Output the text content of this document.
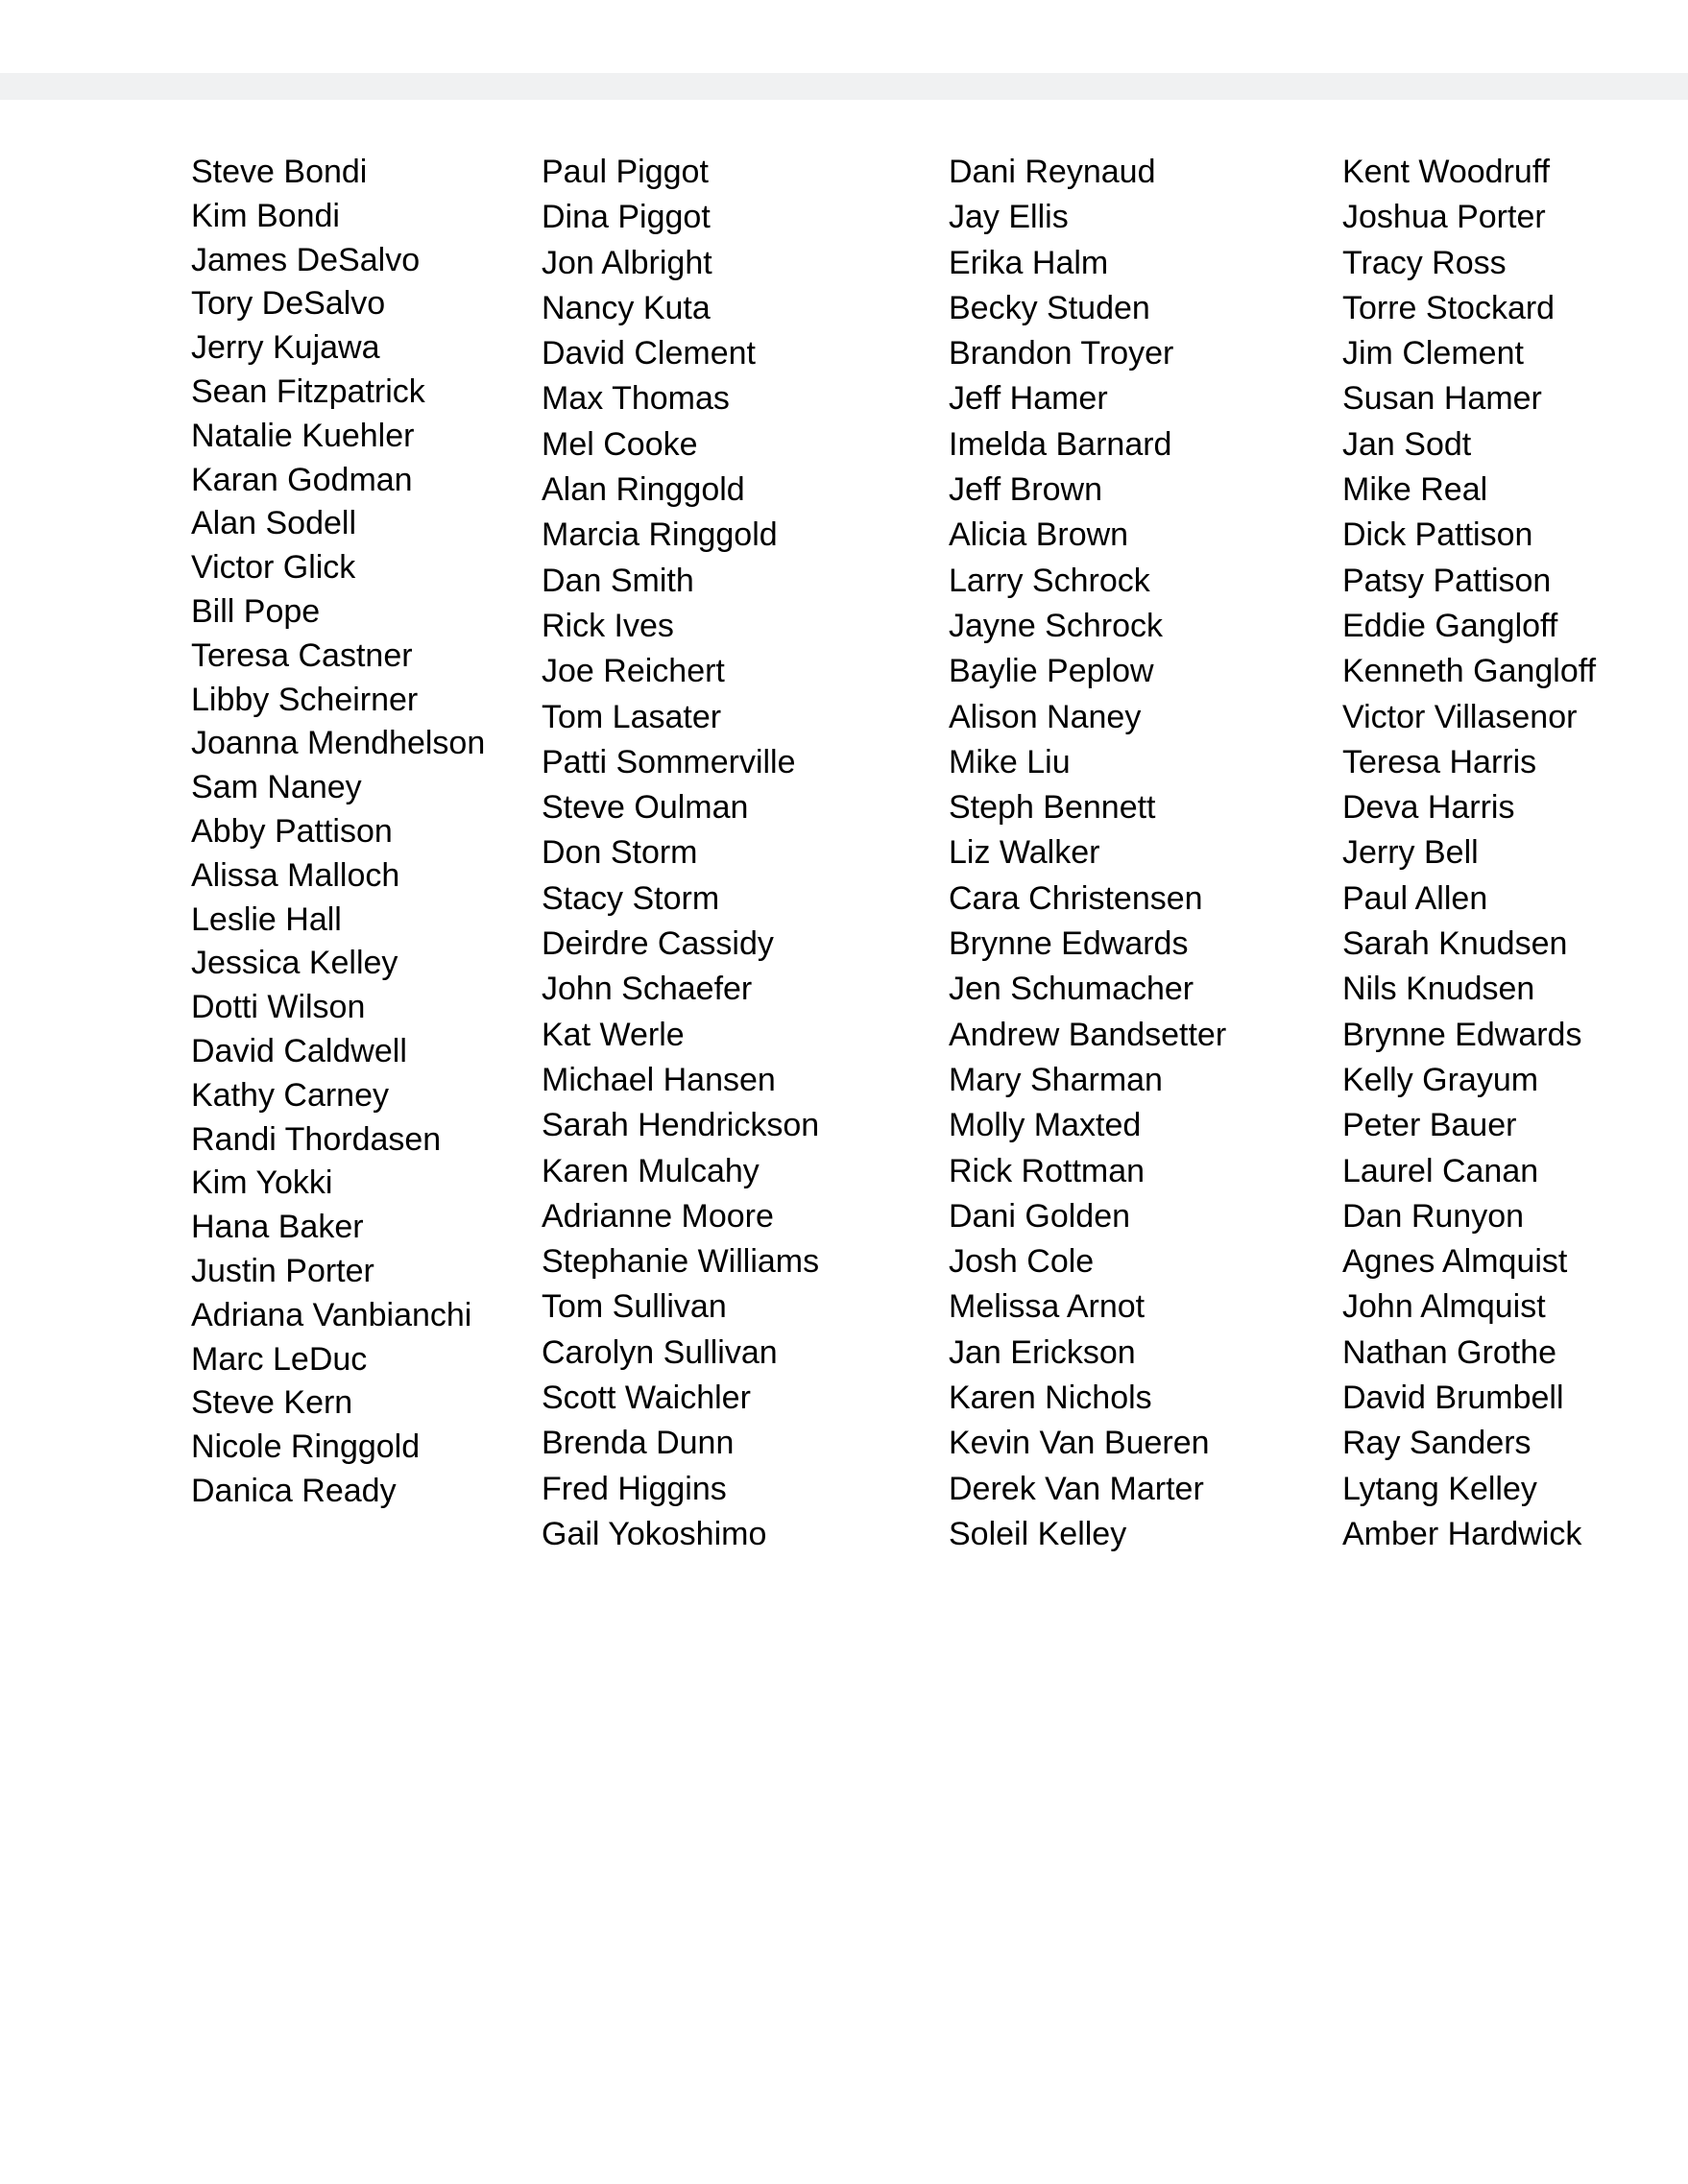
Steve Bondi
Kim Bondi
James DeSalvo
Tory DeSalvo
Jerry Kujawa
Sean Fitzpatrick
Natalie Kuehler
Karan Godman
Alan Sodell
Victor Glick
Bill Pope
Teresa Castner
Libby Scheirner
Joanna Mendhelson
Sam Naney
Abby Pattison
Alissa Malloch
Leslie Hall
Jessica Kelley
Dotti Wilson
David Caldwell
Kathy Carney
Randi Thordasen
Kim Yokki
Hana Baker
Justin Porter
Adriana Vanbianchi
Marc LeDuc
Steve Kern
Nicole Ringgold
Danica Ready
Paul Piggot
Dina Piggot
Jon Albright
Nancy Kuta
David Clement
Max Thomas
Mel Cooke
Alan Ringgold
Marcia Ringgold
Dan Smith
Rick Ives
Joe Reichert
Tom Lasater
Patti Sommerville
Steve Oulman
Don Storm
Stacy Storm
Deirdre Cassidy
John Schaefer
Kat Werle
Michael Hansen
Sarah Hendrickson
Karen Mulcahy
Adrianne Moore
Stephanie Williams
Tom Sullivan
Carolyn Sullivan
Scott Waichler
Brenda Dunn
Fred Higgins
Gail Yokoshimo
Dani Reynaud
Jay Ellis
Erika Halm
Becky Studen
Brandon Troyer
Jeff Hamer
Imelda Barnard
Jeff Brown
Alicia Brown
Larry Schrock
Jayne Schrock
Baylie Peplow
Alison Naney
Mike Liu
Steph Bennett
Liz Walker
Cara Christensen
Brynne Edwards
Jen Schumacher
Andrew Bandsetter
Mary Sharman
Molly Maxted
Rick Rottman
Dani Golden
Josh Cole
Melissa Arnot
Jan Erickson
Karen Nichols
Kevin Van Bueren
Derek Van Marter
Soleil Kelley
Kent Woodruff
Joshua Porter
Tracy Ross
Torre Stockard
Jim Clement
Susan Hamer
Jan Sodt
Mike Real
Dick Pattison
Patsy Pattison
Eddie Gangloff
Kenneth Gangloff
Victor Villasenor
Teresa Harris
Deva Harris
Jerry Bell
Paul Allen
Sarah Knudsen
Nils Knudsen
Brynne Edwards
Kelly Grayum
Peter Bauer
Laurel Canan
Dan Runyon
Agnes Almquist
John Almquist
Nathan Grothe
David Brumbell
Ray Sanders
Lytang Kelley
Amber Hardwick
